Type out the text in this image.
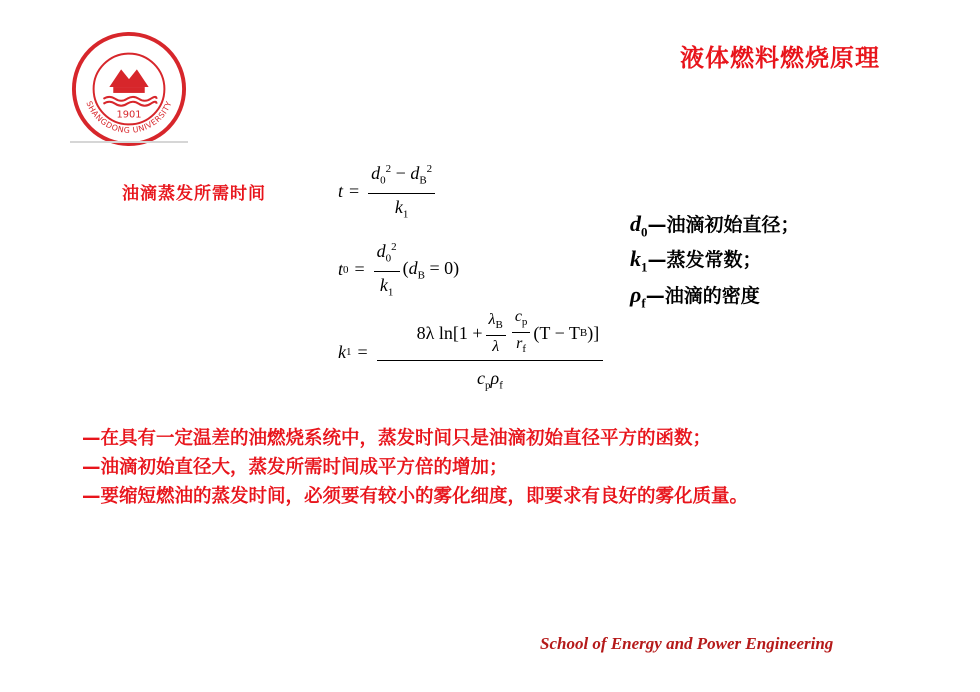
液体燃料燃烧原理
1901
SHANGDONG UNIVERSITY
油滴蒸发所需时间	$t = \frac{d_0^2 - d_B^2}{k_1}$
t $0 = \frac{d_0^2}{k_1} (d_B = 0)$
k 1 =
8λ $\ln[1 + \frac{\lambda_B}{\lambda} \frac{c_p}{r_f} (T - T$ B )]
$c_p\rho_f$
$d_0—$油滴初始直径；
$k_1—$蒸发常数；
$\rho_f—$油滴的密度
—在具有一定温差的油燃烧系统中，蒸发时间只是油滴初始直径平方的函数；
—油滴初始直径大，蒸发所需时间成平方倍的增加；
—要缩短燃油的蒸发时间，必须要有较小的雾化细度，即要求有良好的雾化质量。
School of Energy and Power Engineering
